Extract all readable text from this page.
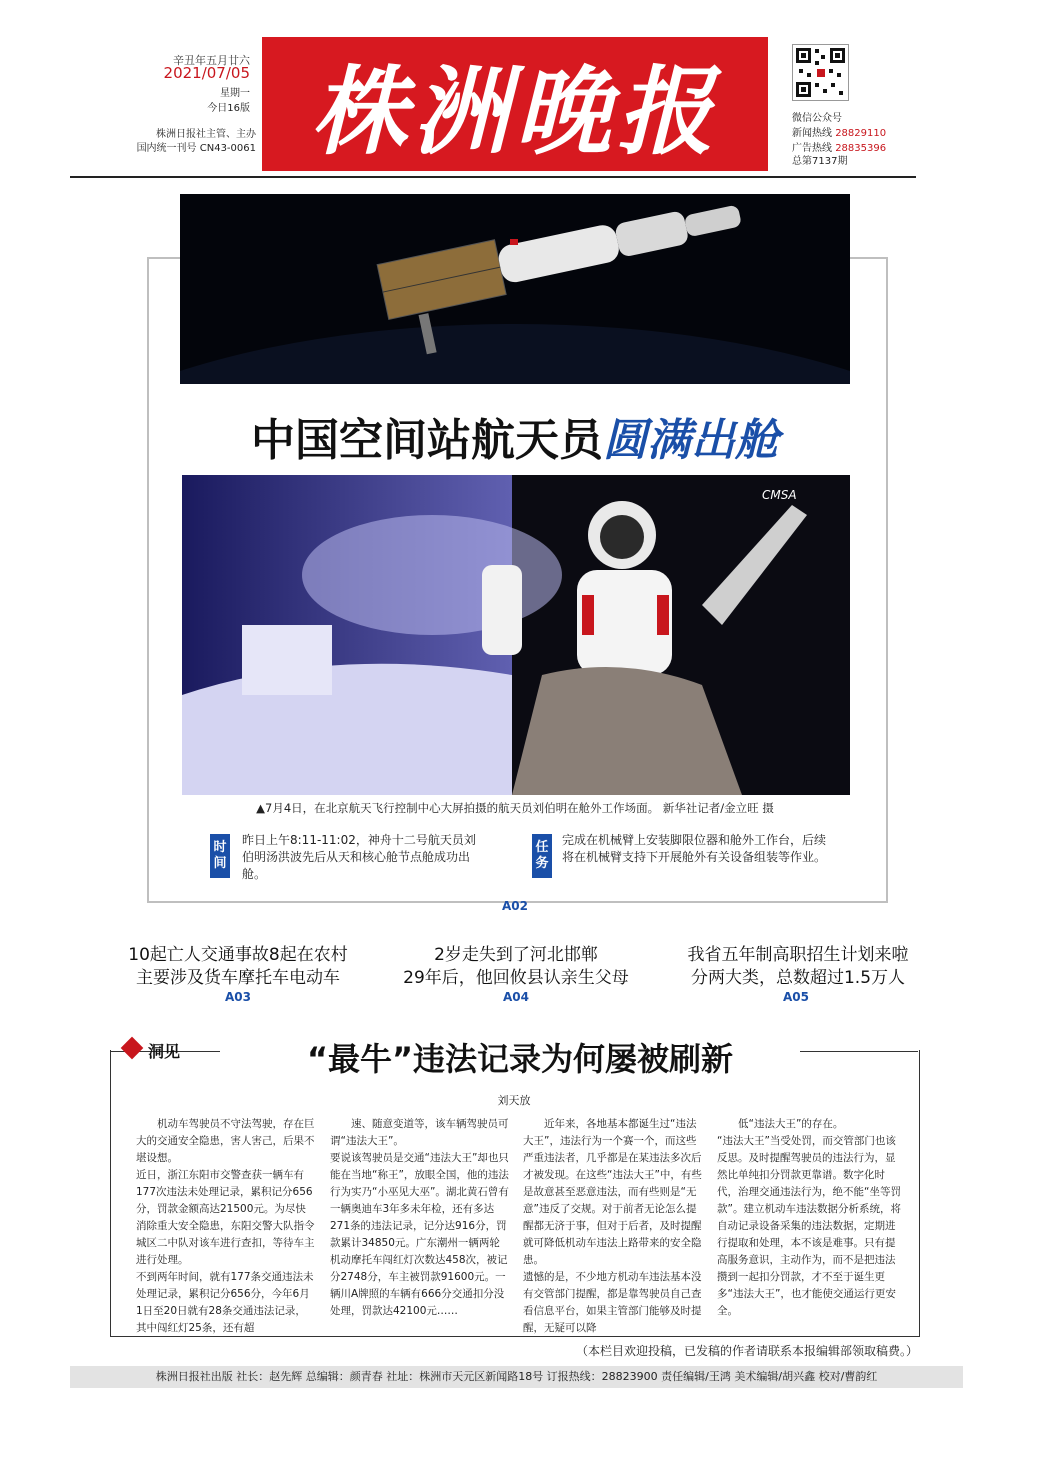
辛丑年五月廿六
2021/07/05
星期一
今日16版
株洲日报社主管、主办
国内统一刊号 CN43-0061 株洲晚报	微信公众号
新闻热线 28829110
广告热线 28835396
总第7137期
中国空间站航天员圆满出舱
CMSA
▲7月4日，在北京航天飞行控制中心大屏拍摄的航天员刘伯明在舱外工作场面。 新华社记者/金立旺 摄
时间
昨日上午8:11-11:02，神舟十二号航天员刘伯明汤洪波先后从天和核心舱节点舱成功出舱。
任务
完成在机械臂上安装脚限位器和舱外工作台，后续将在机械臂支持下开展舱外有关设备组装等作业。
A02
10起亡人交通事故8起在农村
主要涉及货车摩托车电动车
A03
2岁走失到了河北邯郸
29年后，他回攸县认亲生父母
A04
我省五年制高职招生计划来啦
分两大类，总数超过1.5万人
A05
洞见	“最牛”违法记录为何屡被刷新
刘天放
机动车驾驶员不守法驾驶，存在巨大的交通安全隐患，害人害己，后果不堪设想。
近日，浙江东阳市交警查获一辆车有177次违法未处理记录，累积记分656分，罚款金额高达21500元。为尽快消除重大安全隐患，东阳交警大队指令城区二中队对该车进行查扣，等待车主进行处理。
不到两年时间，就有177条交通违法未处理记录，累积记分656分，今年6月1日至20日就有28条交通违法记录，其中闯红灯25条，还有超
速、随意变道等，该车辆驾驶员可谓“违法大王”。
要说该驾驶员是交通“违法大王”却也只能在当地“称王”，放眼全国，他的违法行为实乃“小巫见大巫”。湖北黄石曾有一辆奥迪车3年多未年检，还有多达271条的违法记录，记分达916分，罚款累计34850元。广东潮州一辆两轮机动摩托车闯红灯次数达458次，被记分2748分，车主被罚款91600元。一辆川A牌照的车辆有666分交通扣分没处理，罚款达42100元……
近年来，各地基本都诞生过“违法大王”，违法行为一个赛一个，而这些严重违法者，几乎都是在某违法多次后才被发现。在这些“违法大王”中，有些是故意甚至恶意违法，而有些则是“无意”违反了交规。对于前者无论怎么提醒都无济于事，但对于后者，及时提醒就可降低机动车违法上路带来的安全隐患。
遗憾的是，不少地方机动车违法基本没有交管部门提醒，都是靠驾驶员自己查看信息平台，如果主管部门能够及时提醒，无疑可以降
低“违法大王”的存在。
“违法大王”当受处罚，而交管部门也该反思。及时提醒驾驶员的违法行为，显然比单纯扣分罚款更靠谱。数字化时代，治理交通违法行为，绝不能“坐等罚款”。建立机动车违法数据分析系统，将自动记录设备采集的违法数据，定期进行提取和处理，本不该是难事。只有提高服务意识，主动作为，而不是把违法攒到一起扣分罚款，才不至于诞生更多“违法大王”，也才能使交通运行更安全。
（本栏目欢迎投稿，已发稿的作者请联系本报编辑部领取稿费。）
株洲日报社出版 社长：赵先辉 总编辑：颜青春 社址：株洲市天元区新闻路18号 订报热线：28823900 责任编辑/王鸿 美术编辑/胡兴鑫 校对/曹韵红
